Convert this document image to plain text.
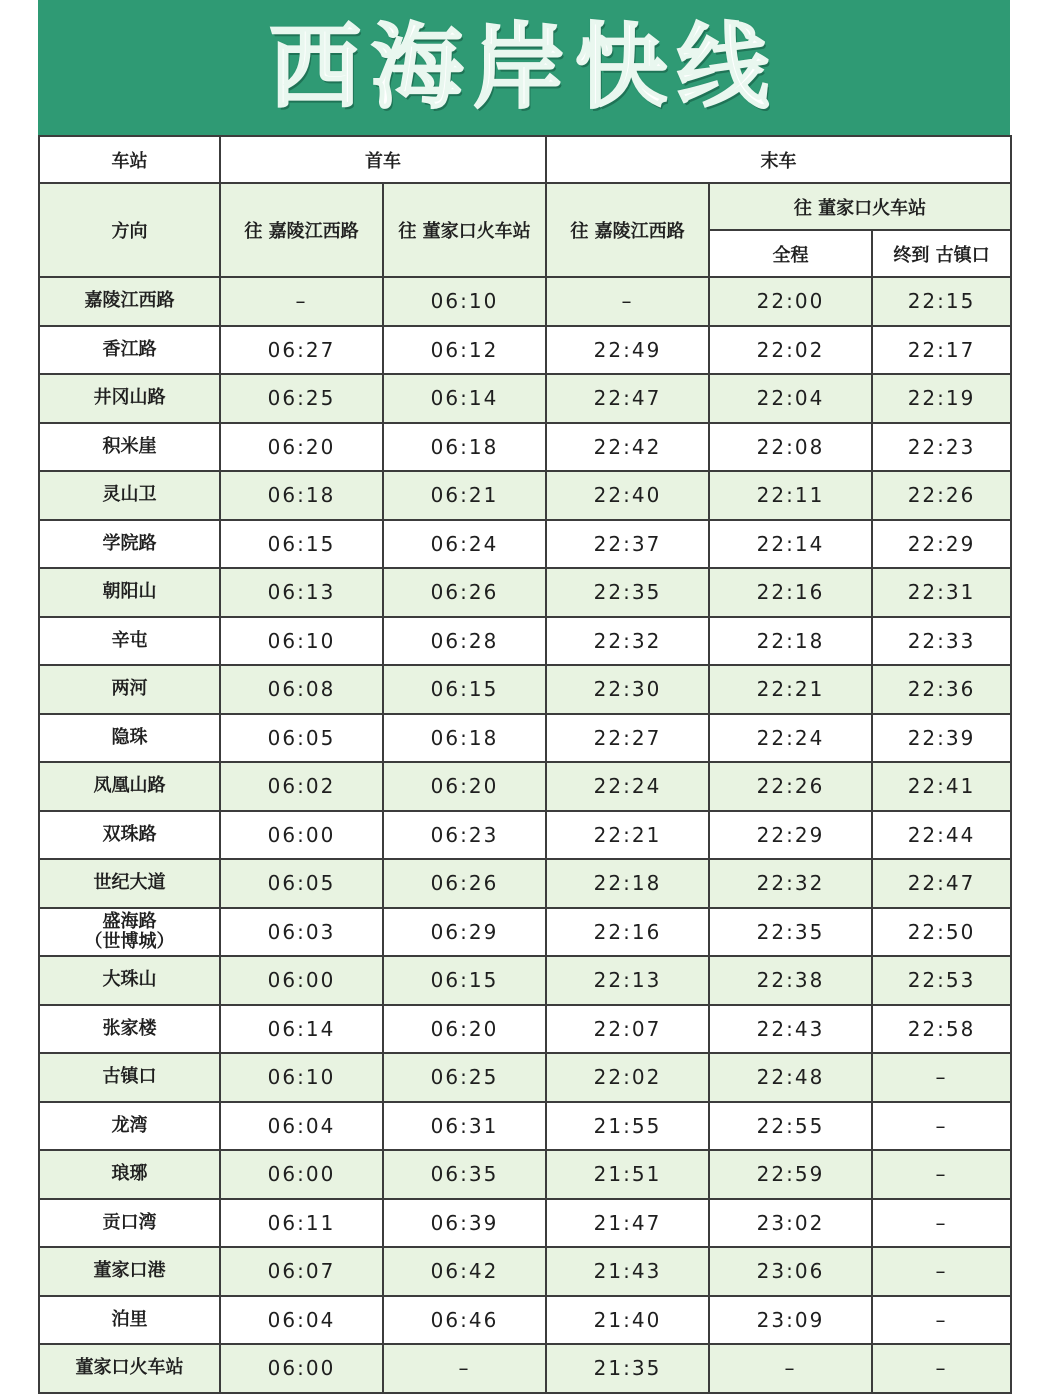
西海岸快线
车站	首车		末车		
方向	往 嘉陵江西路	往 董家口火车站	往 嘉陵江西路	往 董家口火车站	
				全程	终到 古镇口
嘉陵江西路	–	06:10	–	22:00	22:15
香江路	06:27	06:12	22:49	22:02	22:17
井冈山路	06:25	06:14	22:47	22:04	22:19
积米崖	06:20	06:18	22:42	22:08	22:23
灵山卫	06:18	06:21	22:40	22:11	22:26
学院路	06:15	06:24	22:37	22:14	22:29
朝阳山	06:13	06:26	22:35	22:16	22:31
辛屯	06:10	06:28	22:32	22:18	22:33
两河	06:08	06:15	22:30	22:21	22:36
隐珠	06:05	06:18	22:27	22:24	22:39
凤凰山路	06:02	06:20	22:24	22:26	22:41
双珠路	06:00	06:23	22:21	22:29	22:44
世纪大道	06:05	06:26	22:18	22:32	22:47
盛海路
（世博城）	06:03	06:29	22:16	22:35	22:50
大珠山	06:00	06:15	22:13	22:38	22:53
张家楼	06:14	06:20	22:07	22:43	22:58
古镇口	06:10	06:25	22:02	22:48	–
龙湾	06:04	06:31	21:55	22:55	–
琅琊	06:00	06:35	21:51	22:59	–
贡口湾	06:11	06:39	21:47	23:02	–
董家口港	06:07	06:42	21:43	23:06	–
泊里	06:04	06:46	21:40	23:09	–
董家口火车站	06:00	–	21:35	–	–
